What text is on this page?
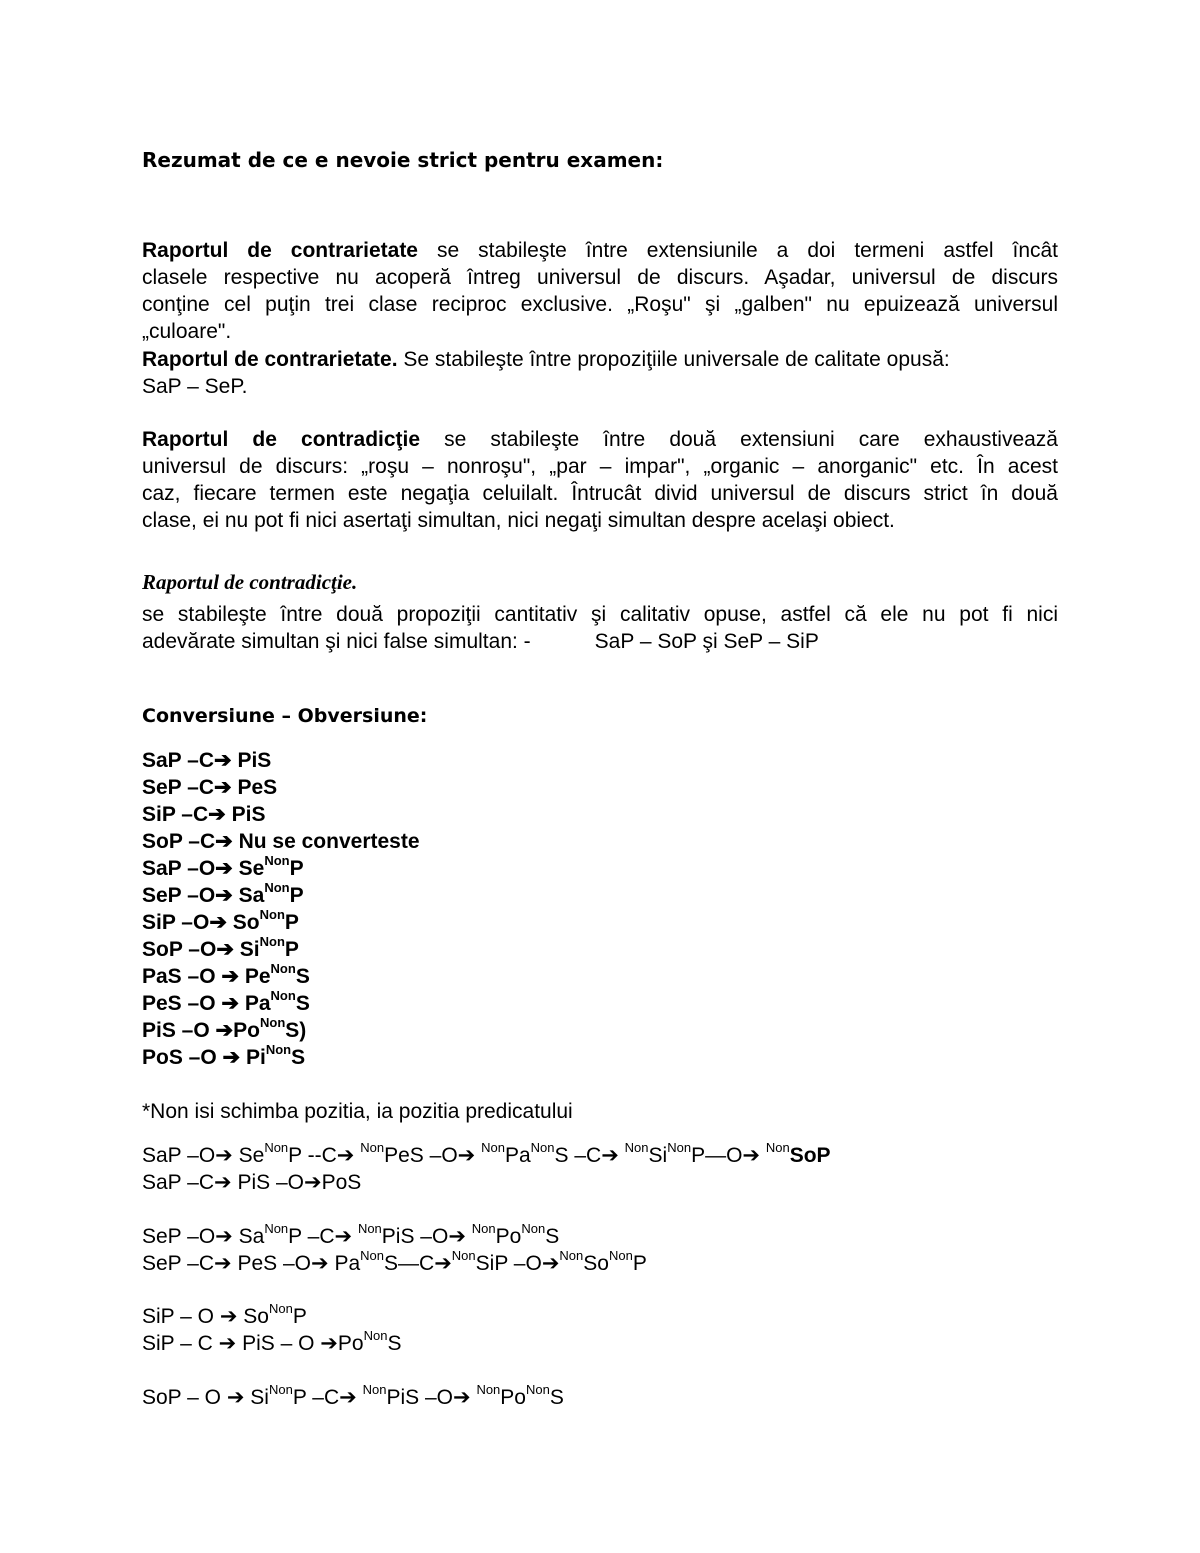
Rezumat de ce e nevoie strict pentru examen:
Raportul de contrarietate se stabileşte între extensiunile a doi termeni astfel încât
clasele respective nu acoperă întreg universul de discurs. Aşadar, universul de discurs
conţine cel puţin trei clase reciproc exclusive. „Roşu" şi „galben" nu epuizează universul
„culoare".
Raportul de contrarietate. Se stabileşte între propoziţiile universale de calitate opusă:
SaP – SeP.
Raportul de contradicţie se stabileşte între două extensiuni care exhaustivează
universul de discurs: „roşu – nonroşu", „par – impar", „organic – anorganic" etc. În acest
caz, fiecare termen este negaţia celuilalt. Întrucât divid universul de discurs strict în două
clase, ei nu pot fi nici asertaţi simultan, nici negaţi simultan despre acelaşi obiect.
Raportul de contradicţie.
se stabileşte între două propoziţii cantitativ şi calitativ opuse, astfel că ele nu pot fi nici
adevărate simultan şi nici false simultan: -	SaP – SoP şi SeP – SiP
Conversiune – Obversiune:
SaP –C➔ PiS
SeP –C➔ PeS
SiP –C➔ PiS
SoP –C➔ Nu se converteste
SaP –O➔ $Se^{Non}P$
SeP –O➔ $Sa^{Non}P$
SiP –O➔ $So^{Non}P$
SoP –O➔ $Si^{Non}P$
PaS –O ➔ $Pe^{Non}S$
PeS –O ➔ $Pa^{Non}S$
PiS –O $➔Po^{Non}S$)
PoS –O ➔ $Pi^{Non}S$
*Non isi schimba pozitia, ia pozitia predicatului
SaP –O➔ $Se^{Non}P$ --C➔ $^{Non}$PeS –O➔ $^{Non}Pa^{Non}S$ –C➔ $^{Non}Si^{Non}P—O➔$ $^{Non}$SoP
SaP –C➔ PiS –O➔PoS
SeP –O➔ $Sa^{Non}P$ –C➔ $^{Non}$PiS –O➔ $^{Non}Po^{Non}S$
SeP –C➔ PeS –O➔ $Pa^{Non}S—C➔^{Non}SiP$ $-O➔^{Non}So^{Non}P$
SiP – O ➔ $So^{Non}P$
SiP – C ➔ PiS – O $➔Po^{Non}S$
SoP – O ➔ $Si^{Non}P$ –C➔ $^{Non}$PiS –O➔ $^{Non}Po^{Non}S$
